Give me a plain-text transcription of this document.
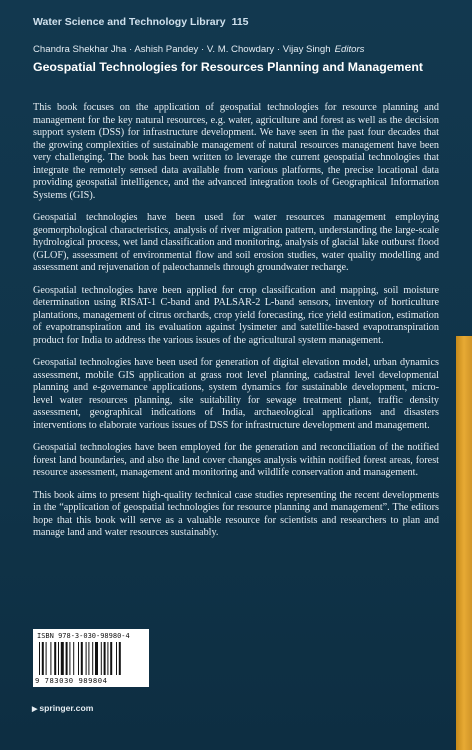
Water Science and Technology Library 115
Chandra Shekhar Jha · Ashish Pandey · V. M. Chowdary · Vijay Singh Editors
Geospatial Technologies for Resources Planning and Management

This book focuses on the application of geospatial technologies for resource planning and management for the key natural resources, e.g. water, agriculture and forest as well as the decision support system (DSS) for infrastructure development. We have seen in the past four decades that the growing complexities of sustainable management of natural resources management have been very challenging. The book has been written to leverage the current geospatial technologies that integrate the remotely sensed data available from various platforms, the precise locational data providing geospatial intelligence, and the advanced integration tools of Geographical Information Systems (GIS).

Geospatial technologies have been used for water resources management employing geomorphological characteristics, analysis of river migration pattern, understanding the large-scale hydrological process, wet land classification and monitoring, analysis of glacial lake outburst flood (GLOF), assessment of environmental flow and soil erosion studies, water quality modelling and assessment and rejuvenation of paleochannels through groundwater recharge.

Geospatial technologies have been applied for crop classification and mapping, soil moisture determination using RISAT-1 C-band and PALSAR-2 L-band sensors, inventory of horticulture plantations, management of citrus orchards, crop yield forecasting, rice yield estimation, estimation of evapotranspiration and its evaluation against lysimeter and satellite-based evapotranspiration product for India to address the various issues of the agricultural system management.

Geospatial technologies have been used for generation of digital elevation model, urban dynamics assessment, mobile GIS application at grass root level planning, cadastral level developmental planning and e-governance applications, system dynamics for sustainable development, micro-level water resources planning, site suitability for sewage treatment plant, traffic density assessment, geographical indications of India, archaeological applications and disasters interventions to elaborate various issues of DSS for infrastructure development and management.

Geospatial technologies have been employed for the generation and reconciliation of the notified forest land boundaries, and also the land cover changes analysis within notified forest areas, forest resource assessment, management and monitoring and wildlife conservation and management.

This book aims to present high-quality technical case studies representing the recent developments in the “application of geospatial technologies for resource planning and management”. The editors hope that this book will serve as a valuable resource for scientists and researchers to plan and manage land and water resources sustainably.

ISBN 978-3-030-98980-4
9 783030 989804
▶ springer.com
